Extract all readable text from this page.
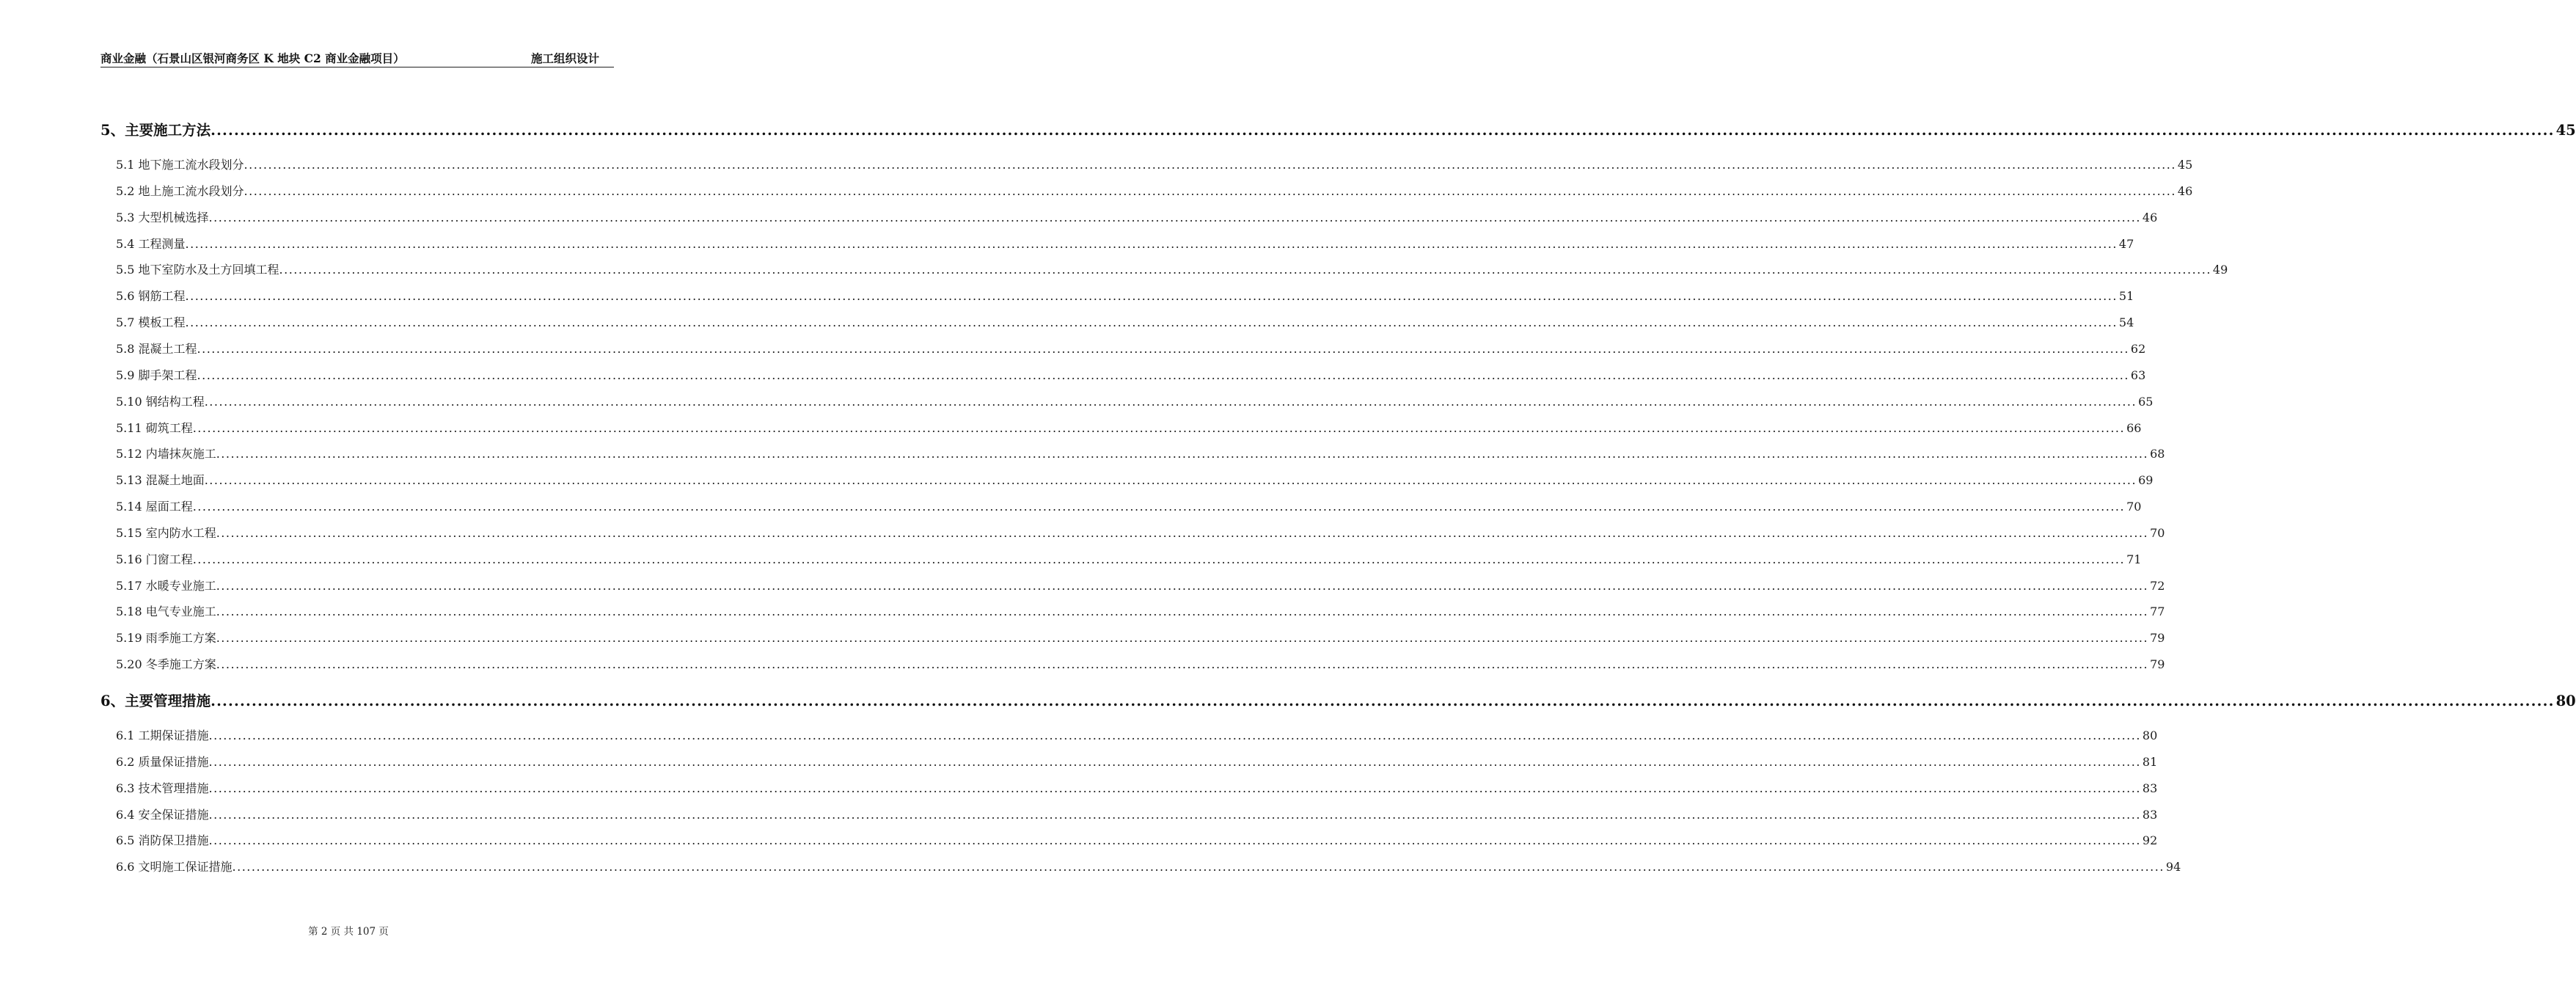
商业金融（石景山区银河商务区 K 地块 C2 商业金融项目）	施工组织设计
5、主要施工方法 ................................................................................................................................................................................................................................................................................................................................................................................................................ 45
5.1 地下施工流水段划分 ................................................................................................................................................................................................................................................................................................................................................................................................................ 45
5.2 地上施工流水段划分 ................................................................................................................................................................................................................................................................................................................................................................................................................ 46
5.3 大型机械选择 ................................................................................................................................................................................................................................................................................................................................................................................................................ 46
5.4 工程测量 ................................................................................................................................................................................................................................................................................................................................................................................................................ 47
5.5 地下室防水及土方回填工程 ................................................................................................................................................................................................................................................................................................................................................................................................................ 49
5.6 钢筋工程 ................................................................................................................................................................................................................................................................................................................................................................................................................ 51
5.7 模板工程 ................................................................................................................................................................................................................................................................................................................................................................................................................ 54
5.8 混凝土工程 ................................................................................................................................................................................................................................................................................................................................................................................................................ 62
5.9 脚手架工程 ................................................................................................................................................................................................................................................................................................................................................................................................................ 63
5.10 钢结构工程 ................................................................................................................................................................................................................................................................................................................................................................................................................ 65
5.11 砌筑工程 ................................................................................................................................................................................................................................................................................................................................................................................................................ 66
5.12 内墙抹灰施工 ................................................................................................................................................................................................................................................................................................................................................................................................................ 68
5.13 混凝土地面 ................................................................................................................................................................................................................................................................................................................................................................................................................ 69
5.14 屋面工程 ................................................................................................................................................................................................................................................................................................................................................................................................................ 70
5.15 室内防水工程 ................................................................................................................................................................................................................................................................................................................................................................................................................ 70
5.16 门窗工程 ................................................................................................................................................................................................................................................................................................................................................................................................................ 71
5.17 水暖专业施工 ................................................................................................................................................................................................................................................................................................................................................................................................................ 72
5.18 电气专业施工 ................................................................................................................................................................................................................................................................................................................................................................................................................ 77
5.19 雨季施工方案 ................................................................................................................................................................................................................................................................................................................................................................................................................ 79
5.20 冬季施工方案 ................................................................................................................................................................................................................................................................................................................................................................................................................ 79
6、主要管理措施 ................................................................................................................................................................................................................................................................................................................................................................................................................ 80
6.1 工期保证措施 ................................................................................................................................................................................................................................................................................................................................................................................................................ 80
6.2 质量保证措施 ................................................................................................................................................................................................................................................................................................................................................................................................................ 81
6.3 技术管理措施 ................................................................................................................................................................................................................................................................................................................................................................................................................ 83
6.4 安全保证措施 ................................................................................................................................................................................................................................................................................................................................................................................................................ 83
6.5 消防保卫措施 ................................................................................................................................................................................................................................................................................................................................................................................................................ 92
6.6 文明施工保证措施 ................................................................................................................................................................................................................................................................................................................................................................................................................ 94
第 2 页 共 107 页
